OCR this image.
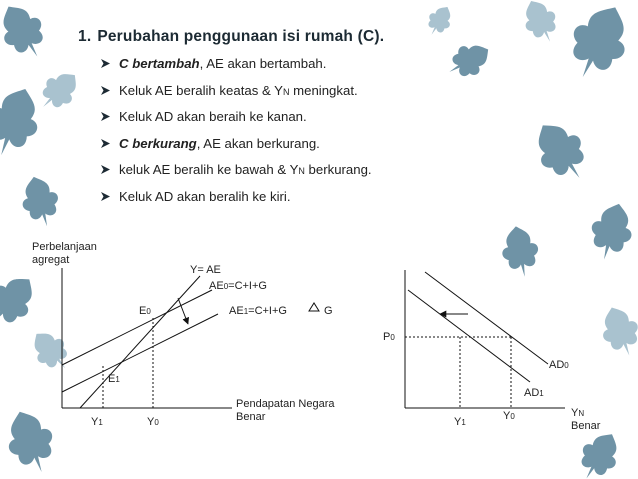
1. Perubahan penggunaan isi rumah (C).
C bertambah, AE akan bertambah.
Keluk AE beralih keatas & YN meningkat.
Keluk AD akan beraih ke kanan.
C berkurang, AE akan berkurang.
keluk AE beralih ke bawah & YN berkurang.
Keluk AD akan beralih ke kiri.
Perbelanjaan
agregat
Y= AE
AE0=C+I+G
AE1=C+I+G	G
E0
E1
Y1	Y0
Pendapatan Negara
Benar
P0
AD0
AD1
Y1
Y0	YN
Benar
